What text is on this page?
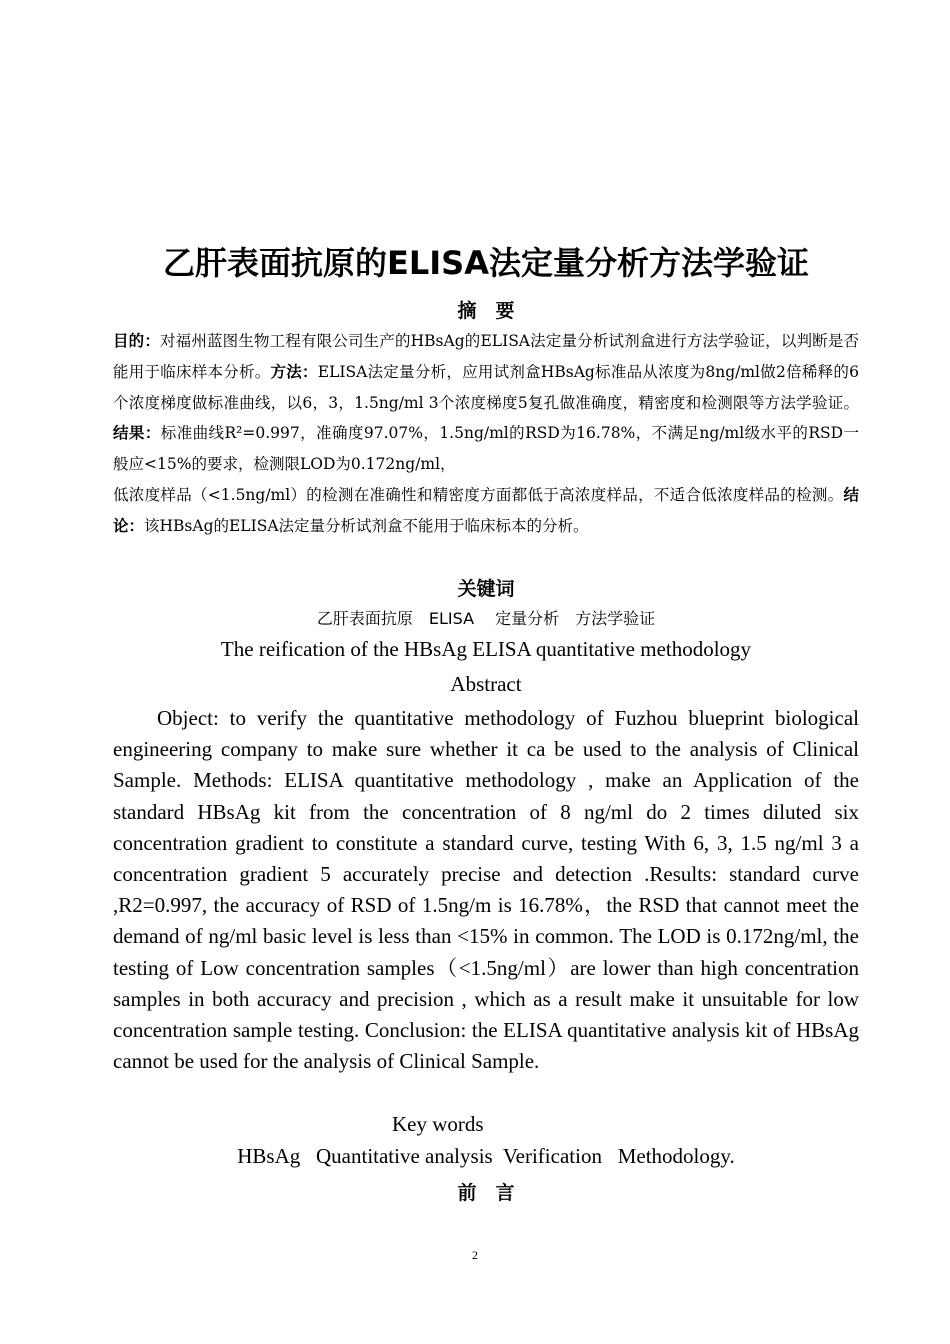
乙肝表面抗原的ELISA法定量分析方法学验证
摘　要

目的：对福州蓝图生物工程有限公司生产的HBsAg的ELISA法定量分析试剂盒进行方法学验证，以判断是否能用于临床样本分析。方法：ELISA法定量分析，应用试剂盒HBsAg标准品从浓度为8ng/ml做2倍稀释的6个浓度梯度做标准曲线，以6，3，1.5ng/ml 3个浓度梯度5复孔做准确度，精密度和检测限等方法学验证。结果：标准曲线R²=0.997，准确度97.07%，1.5ng/ml的RSD为16.78%，不满足ng/ml级水平的RSD一般应<15%的要求，检测限LOD为0.172ng/ml，

低浓度样品（<1.5ng/ml）的检测在准确性和精密度方面都低于高浓度样品，不适合低浓度样品的检测。结论：该HBsAg的ELISA法定量分析试剂盒不能用于临床标本的分析。

关键词
乙肝表面抗原　ELISA　 定量分析　方法学验证
The reification of the HBsAg ELISA quantitative methodology
Abstract

Object: to verify the quantitative methodology of Fuzhou blueprint biological engineering company to make sure whether it ca be used to the analysis of Clinical Sample. Methods: ELISA quantitative methodology , make an Application of the standard HBsAg kit from the concentration of 8 ng/ml do 2 times diluted six concentration gradient to constitute a standard curve, testing With 6, 3, 1.5 ng/ml 3 a concentration gradient 5 accurately precise and detection .Results: standard curve ,R2=0.997, the accuracy of RSD of 1.5ng/m is 16.78%，the RSD that cannot meet the demand of ng/ml basic level is less than <15% in common. The LOD is 0.172ng/ml, the testing of Low concentration samples（<1.5ng/ml）are lower than high concentration samples in both accuracy and precision , which as a result make it unsuitable for low concentration sample testing. Conclusion: the ELISA quantitative analysis kit of HBsAg cannot be used for the analysis of Clinical Sample.

Key words
HBsAg   Quantitative analysis  Verification   Methodology.
前　言
2
